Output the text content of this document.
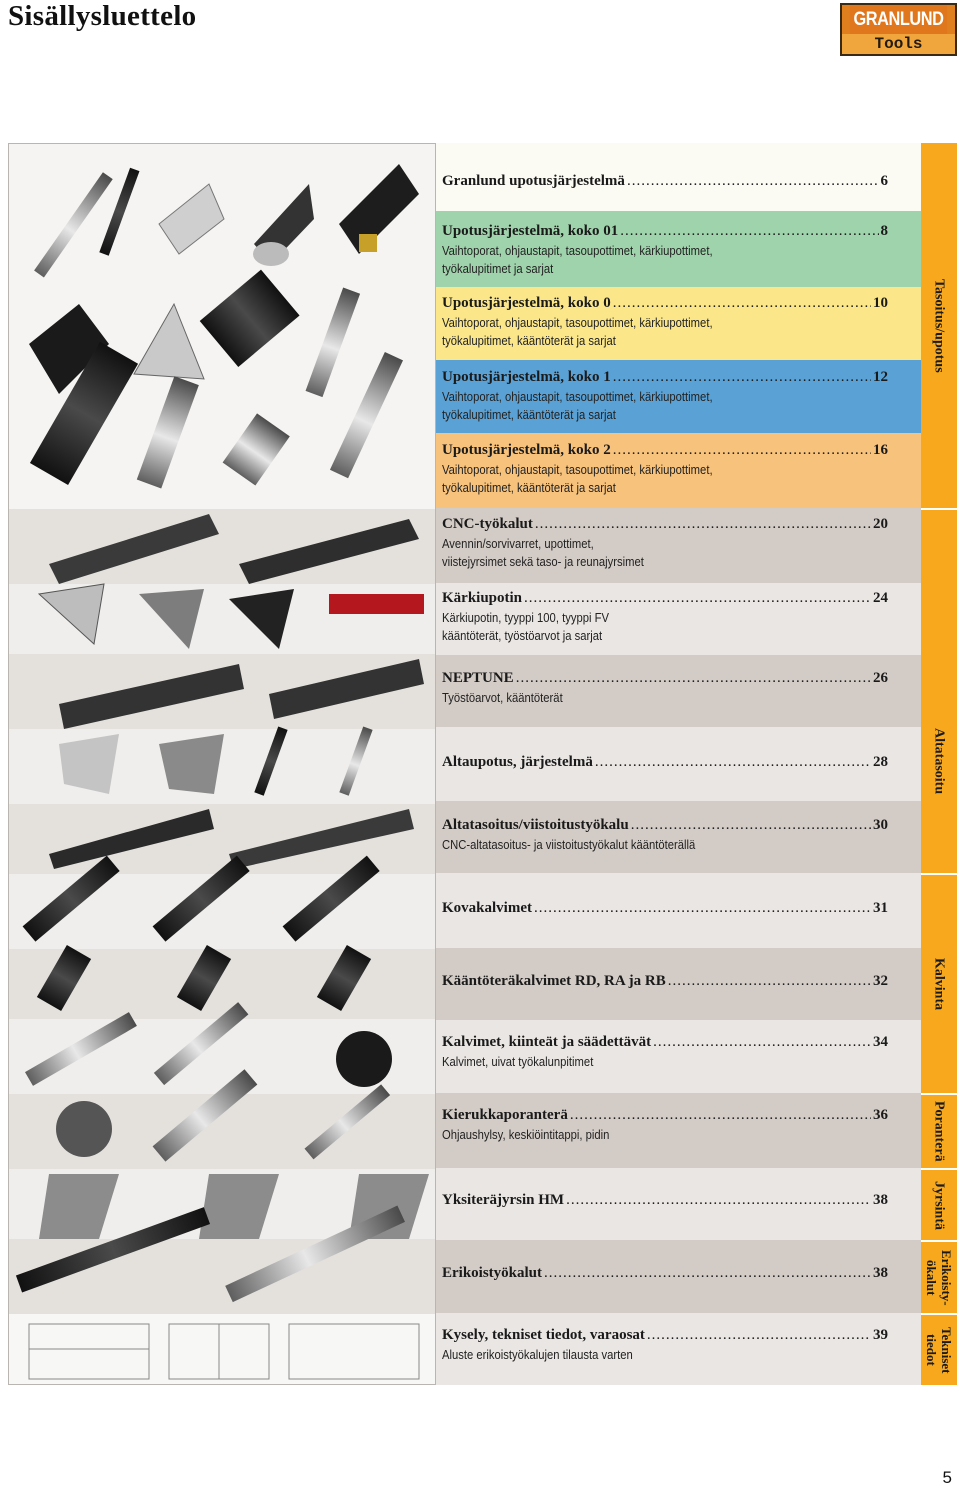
Sisällysluettelo	GRANLUND
Tools
Granlund upotusjärjestelmä .....	6
Upotusjärjestelmä, koko 01 .....	8
Vaihtoporat, ohjaustapit, tasoupottimet, kärkiupottimet,
työkalupitimet ja sarjat
Upotusjärjestelmä, koko 0 .....	10
Vaihtoporat, ohjaustapit, tasoupottimet, kärkiupottimet,
työkalupitimet, kääntöterät ja sarjat
Upotusjärjestelmä, koko 1 .....	12
Vaihtoporat, ohjaustapit, tasoupottimet, kärkiupottimet,
työkalupitimet, kääntöterät ja sarjat
Upotusjärjestelmä, koko 2 .....	16
Vaihtoporat, ohjaustapit, tasoupottimet, kärkiupottimet,
työkalupitimet, kääntöterät ja sarjat
CNC-työkalut .....	20
Avennin/sorvivarret, upottimet,
viistejyrsimet sekä taso- ja reunajyrsimet
Kärkiupotin .....	24
Kärkiupotin, tyyppi 100, tyyppi FV
kääntöterät, työstöarvot ja sarjat
NEPTUNE .....	26
Työstöarvot, kääntöterät
Altaupotus, järjestelmä .....	28
Altatasoitus/viistoitustyökalu .....	30
CNC-altatasoitus- ja viistoitustyökalut kääntöterällä
Kovakalvimet .....	31
Kääntöteräkalvimet RD, RA ja RB .....	32
Kalvimet, kiinteät ja säädettävät .....	34
Kalvimet, uivat työkalunpitimet
Kierukkaporanterä .....	36
Ohjaushylsy, keskiöintitappi, pidin
Yksiteräjyrsin HM .....	38
Erikoistyökalut .....	38
Kysely, tekniset tiedot, varaosat .....	39
Aluste erikoistyökalujen tilausta varten
Tasoitus/upotus
Altatasoitu
Kalvinta
Poranterä
Jyrsintä
Erikoisty-
ökalut
Tekniset
tiedot
5
